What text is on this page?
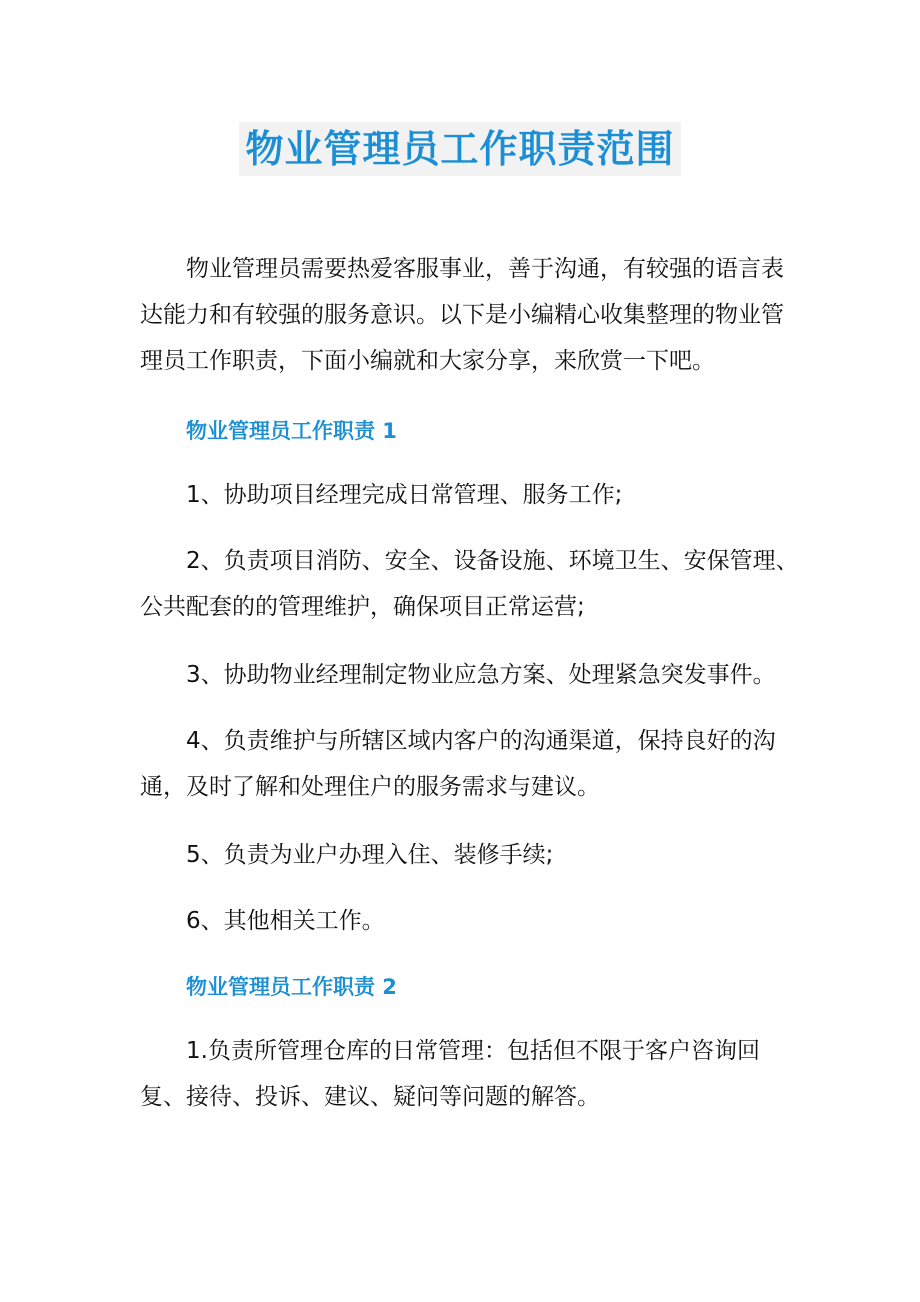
物业管理员工作职责范围

物业管理员需要热爱客服事业，善于沟通，有较强的语言表达能力和有较强的服务意识。以下是小编精心收集整理的物业管理员工作职责，下面小编就和大家分享，来欣赏一下吧。

物业管理员工作职责 1

1、协助项目经理完成日常管理、服务工作;

2、负责项目消防、安全、设备设施、环境卫生、安保管理、公共配套的的管理维护，确保项目正常运营;

3、协助物业经理制定物业应急方案、处理紧急突发事件。

4、负责维护与所辖区域内客户的沟通渠道，保持良好的沟通，及时了解和处理住户的服务需求与建议。

5、负责为业户办理入住、装修手续;

6、其他相关工作。

物业管理员工作职责 2

1.负责所管理仓库的日常管理：包括但不限于客户咨询回复、接待、投诉、建议、疑问等问题的解答。
